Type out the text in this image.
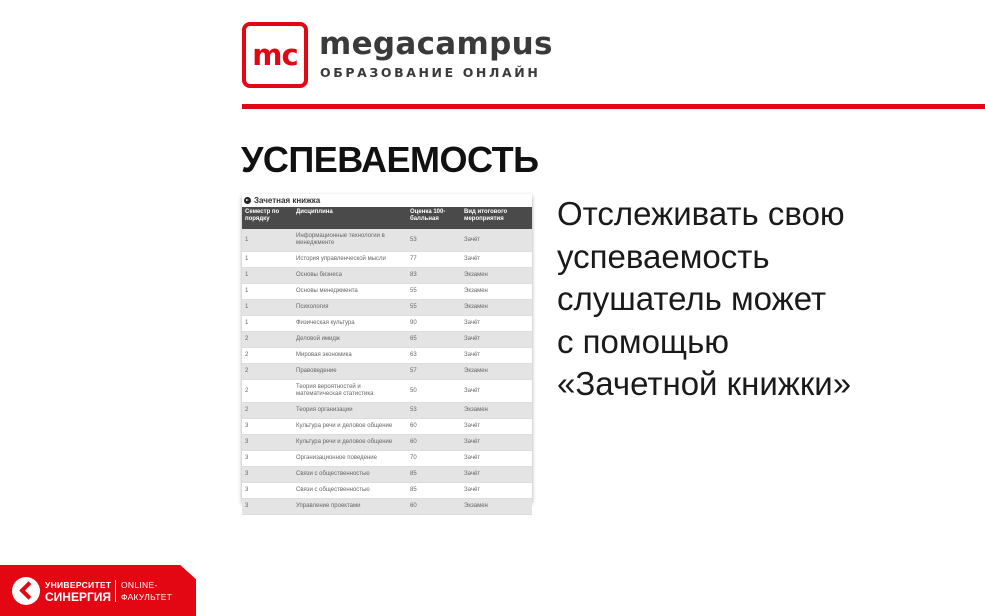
mc megacampus
ОБРАЗОВАНИЕ ОНЛАЙН
УСПЕВАЕМОСТЬ
Зачетная книжка
Семестр по порядку	Дисциплина	Оценка 100-балльная	Вид итогового мероприятия
1	Информационные технологии в менеджменте	53	Зачёт
1	История управленческой мысли	77	Зачёт
1	Основы бизнеса	83	Экзамен
1	Основы менеджмента	55	Экзамен
1	Психология	55	Экзамен
1	Физическая культура	90	Зачёт
2	Деловой имидж	65	Зачёт
2	Мировая экономика	63	Зачёт
2	Правоведение	57	Экзамен
2	Теория вероятностей и математическая статистика	50	Зачёт
2	Теория организации	53	Экзамен
3	Культура речи и деловое общение	60	Зачёт
3	Культура речи и деловое общение	60	Зачёт
3	Организационное поведение	70	Зачёт
3	Связи с общественностью	85	Зачёт
3	Связи с общественностью	85	Зачёт
3	Управление проектами	60	Экзамен
Отслеживать свою
успеваемость
слушатель может
с помощью
«Зачетной книжки»
УНИВЕРСИТЕТ
СИНЕРГИЯ
ONLINE-
ФАКУЛЬТЕТ
